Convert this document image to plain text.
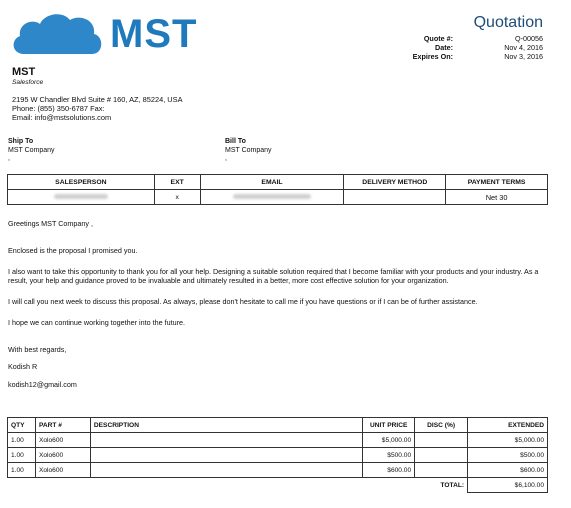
MST	Quotation
Quote #:	Q-00056
Date:	Nov 4, 2016
Expires On:	Nov 3, 2016
MST
Salesforce
2195 W Chandler Blvd Suite # 160, AZ, 85224, USA
Phone: (855) 350-6787 Fax:
Email: info@mstsolutions.com
Ship To
MST Company
,
Bill To
MST Company
,
SALESPERSON	EXT	EMAIL	DELIVERY METHOD	PAYMENT TERMS
	x			Net 30

Greetings MST Company ,

Enclosed is the proposal I promised you.

I also want to take this opportunity to thank you for all your help. Designing a suitable solution required that I become familiar with your products and your industry. As a result, your help and guidance proved to be invaluable and ultimately resulted in a better, more cost effective solution for your organization.

I will call you next week to discuss this proposal. As always, please don't hesitate to call me if you have questions or if I can be of further assistance.

I hope we can continue working together into the future.

With best regards,

Kodish R

kodish12@gmail.com

QTY	PART #	DESCRIPTION	UNIT PRICE	DISC (%)	EXTENDED
1.00	Xolo600		$5,000.00		$5,000.00
1.00	Xolo600		$500.00		$500.00
1.00	Xolo600		$600.00		$600.00
				TOTAL:	$6,100.00
